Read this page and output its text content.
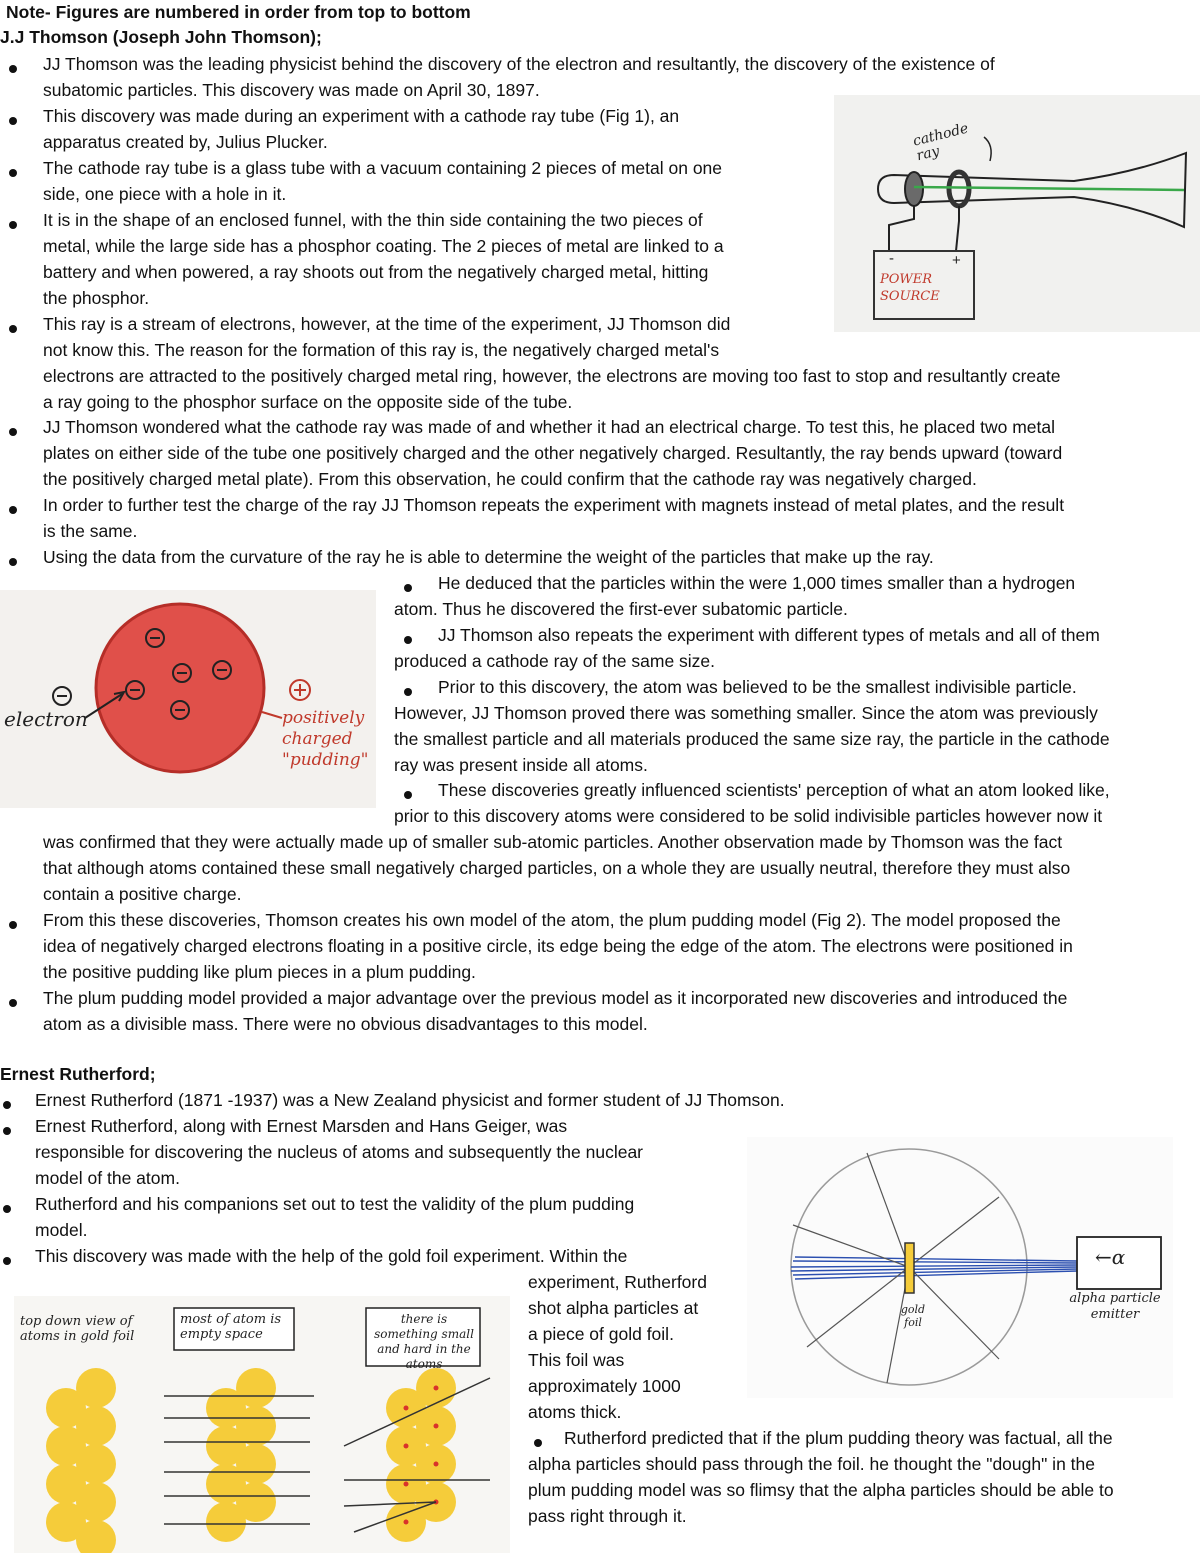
Note- Figures are numbered in order from top to bottom
J.J Thomson (Joseph John Thomson);
JJ Thomson was the leading physicist behind the discovery of the electron and resultantly, the discovery of the existence of
subatomic particles. This discovery was made on April 30, 1897.
This discovery was made during an experiment with a cathode ray tube (Fig 1), an
apparatus created by, Julius Plucker.
The cathode ray tube is a glass tube with a vacuum containing 2 pieces of metal on one
side, one piece with a hole in it.
It is in the shape of an enclosed funnel, with the thin side containing the two pieces of
metal, while the large side has a phosphor coating. The 2 pieces of metal are linked to a
battery and when powered, a ray shoots out from the negatively charged metal, hitting
the phosphor.
This ray is a stream of electrons, however, at the time of the experiment, JJ Thomson did
not know this. The reason for the formation of this ray is, the negatively charged metal's
electrons are attracted to the positively charged metal ring, however, the electrons are moving too fast to stop and resultantly create
a ray going to the phosphor surface on the opposite side of the tube.
JJ Thomson wondered what the cathode ray was made of and whether it had an electrical charge. To test this, he placed two metal
plates on either side of the tube one positively charged and the other negatively charged. Resultantly, the ray bends upward (toward
the positively charged metal plate). From this observation, he could confirm that the cathode ray was negatively charged.
In order to further test the charge of the ray JJ Thomson repeats the experiment with magnets instead of metal plates, and the result
is the same.
Using the data from the curvature of the ray he is able to determine the weight of the particles that make up the ray.
He deduced that the particles within the were 1,000 times smaller than a hydrogen
atom. Thus he discovered the first-ever subatomic particle.
JJ Thomson also repeats the experiment with different types of metals and all of them
produced a cathode ray of the same size.
Prior to this discovery, the atom was believed to be the smallest indivisible particle.
However, JJ Thomson proved there was something smaller. Since the atom was previously
the smallest particle and all materials produced the same size ray, the particle in the cathode
ray was present inside all atoms.
These discoveries greatly influenced scientists' perception of what an atom looked like,
prior to this discovery atoms were considered to be solid indivisible particles however now it
was confirmed that they were actually made up of smaller sub-atomic particles. Another observation made by Thomson was the fact
that although atoms contained these small negatively charged particles, on a whole they are usually neutral, therefore they must also
contain a positive charge.
From this these discoveries, Thomson creates his own model of the atom, the plum pudding model (Fig 2). The model proposed the
idea of negatively charged electrons floating in a positive circle, its edge being the edge of the atom. The electrons were positioned in
the positive pudding like plum pieces in a plum pudding.
The plum pudding model provided a major advantage over the previous model as it incorporated new discoveries and introduced the
atom as a divisible mass. There were no obvious disadvantages to this model.
Ernest Rutherford;
Ernest Rutherford (1871 -1937) was a New Zealand physicist and former student of JJ Thomson.
Ernest Rutherford, along with Ernest Marsden and Hans Geiger, was
responsible for discovering the nucleus of atoms and subsequently the nuclear
model of the atom.
Rutherford and his companions set out to test the validity of the plum pudding
model.
This discovery was made with the help of the gold foil experiment. Within the
experiment, Rutherford
shot alpha particles at
a piece of gold foil.
This foil was
approximately 1000
atoms thick.
Rutherford predicted that if the plum pudding theory was factual, all the
alpha particles should pass through the foil. he thought the "dough" in the
plum pudding model was so flimsy that the alpha particles should be able to
pass right through it.
cathode ray
POWER SOURCE
+
-
electron	positively charged "pudding"
←α
alpha particle emitter
gold foil
top down view of atoms in gold foil
most of atom is empty space
there is something small and hard in the atoms
